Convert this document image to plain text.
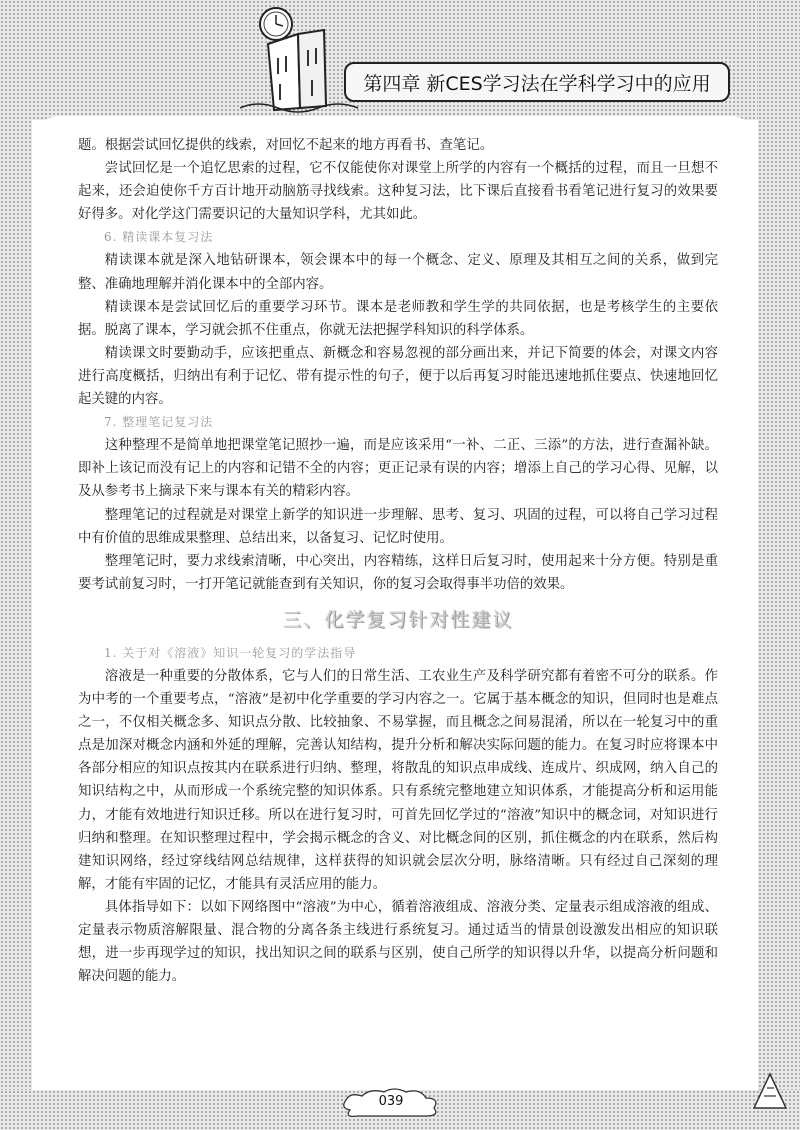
第四章 新CES学习法在学科学习中的应用

题。根据尝试回忆提供的线索，对回忆不起来的地方再看书、查笔记。

尝试回忆是一个追忆思索的过程，它不仅能使你对课堂上所学的内容有一个概括的过程，而且一旦想不起来，还会迫使你千方百计地开动脑筋寻找线索。这种复习法，比下课后直接看书看笔记进行复习的效果要好得多。对化学这门需要识记的大量知识学科，尤其如此。

6. 精读课本复习法

精读课本就是深入地钻研课本，领会课本中的每一个概念、定义、原理及其相互之间的关系，做到完整、准确地理解并消化课本中的全部内容。

精读课本是尝试回忆后的重要学习环节。课本是老师教和学生学的共同依据，也是考核学生的主要依据。脱离了课本，学习就会抓不住重点，你就无法把握学科知识的科学体系。

精读课文时要勤动手，应该把重点、新概念和容易忽视的部分画出来，并记下简要的体会，对课文内容进行高度概括，归纳出有利于记忆、带有提示性的句子，便于以后再复习时能迅速地抓住要点、快速地回忆起关键的内容。

7. 整理笔记复习法

这种整理不是简单地把课堂笔记照抄一遍，而是应该采用“一补、二正、三添”的方法，进行查漏补缺。即补上该记而没有记上的内容和记错不全的内容；更正记录有误的内容；增添上自己的学习心得、见解，以及从参考书上摘录下来与课本有关的精彩内容。

整理笔记的过程就是对课堂上新学的知识进一步理解、思考、复习、巩固的过程，可以将自己学习过程中有价值的思维成果整理、总结出来，以备复习、记忆时使用。

整理笔记时，要力求线索清晰，中心突出，内容精练，这样日后复习时，使用起来十分方便。特别是重要考试前复习时，一打开笔记就能查到有关知识，你的复习会取得事半功倍的效果。

三、化学复习针对性建议

1. 关于对《溶液》知识一轮复习的学法指导

溶液是一种重要的分散体系，它与人们的日常生活、工农业生产及科学研究都有着密不可分的联系。作为中考的一个重要考点，“溶液”是初中化学重要的学习内容之一。它属于基本概念的知识，但同时也是难点之一，不仅相关概念多、知识点分散、比较抽象、不易掌握，而且概念之间易混淆，所以在一轮复习中的重点是加深对概念内涵和外延的理解，完善认知结构，提升分析和解决实际问题的能力。在复习时应将课本中各部分相应的知识点按其内在联系进行归纳、整理，将散乱的知识点串成线、连成片、织成网，纳入自己的知识结构之中，从而形成一个系统完整的知识体系。只有系统完整地建立知识体系，才能提高分析和运用能力，才能有效地进行知识迁移。所以在进行复习时，可首先回忆学过的“溶液”知识中的概念词，对知识进行归纳和整理。在知识整理过程中，学会揭示概念的含义、对比概念间的区别，抓住概念的内在联系，然后构建知识网络，经过穿线结网总结规律，这样获得的知识就会层次分明，脉络清晰。只有经过自己深刻的理解，才能有牢固的记忆，才能具有灵活应用的能力。

具体指导如下：以如下网络图中“溶液”为中心，循着溶液组成、溶液分类、定量表示组成溶液的组成、定量表示物质溶解限量、混合物的分离各条主线进行系统复习。通过适当的情景创设激发出相应的知识联想，进一步再现学过的知识，找出知识之间的联系与区别，使自己所学的知识得以升华，以提高分析问题和解决问题的能力。

039
